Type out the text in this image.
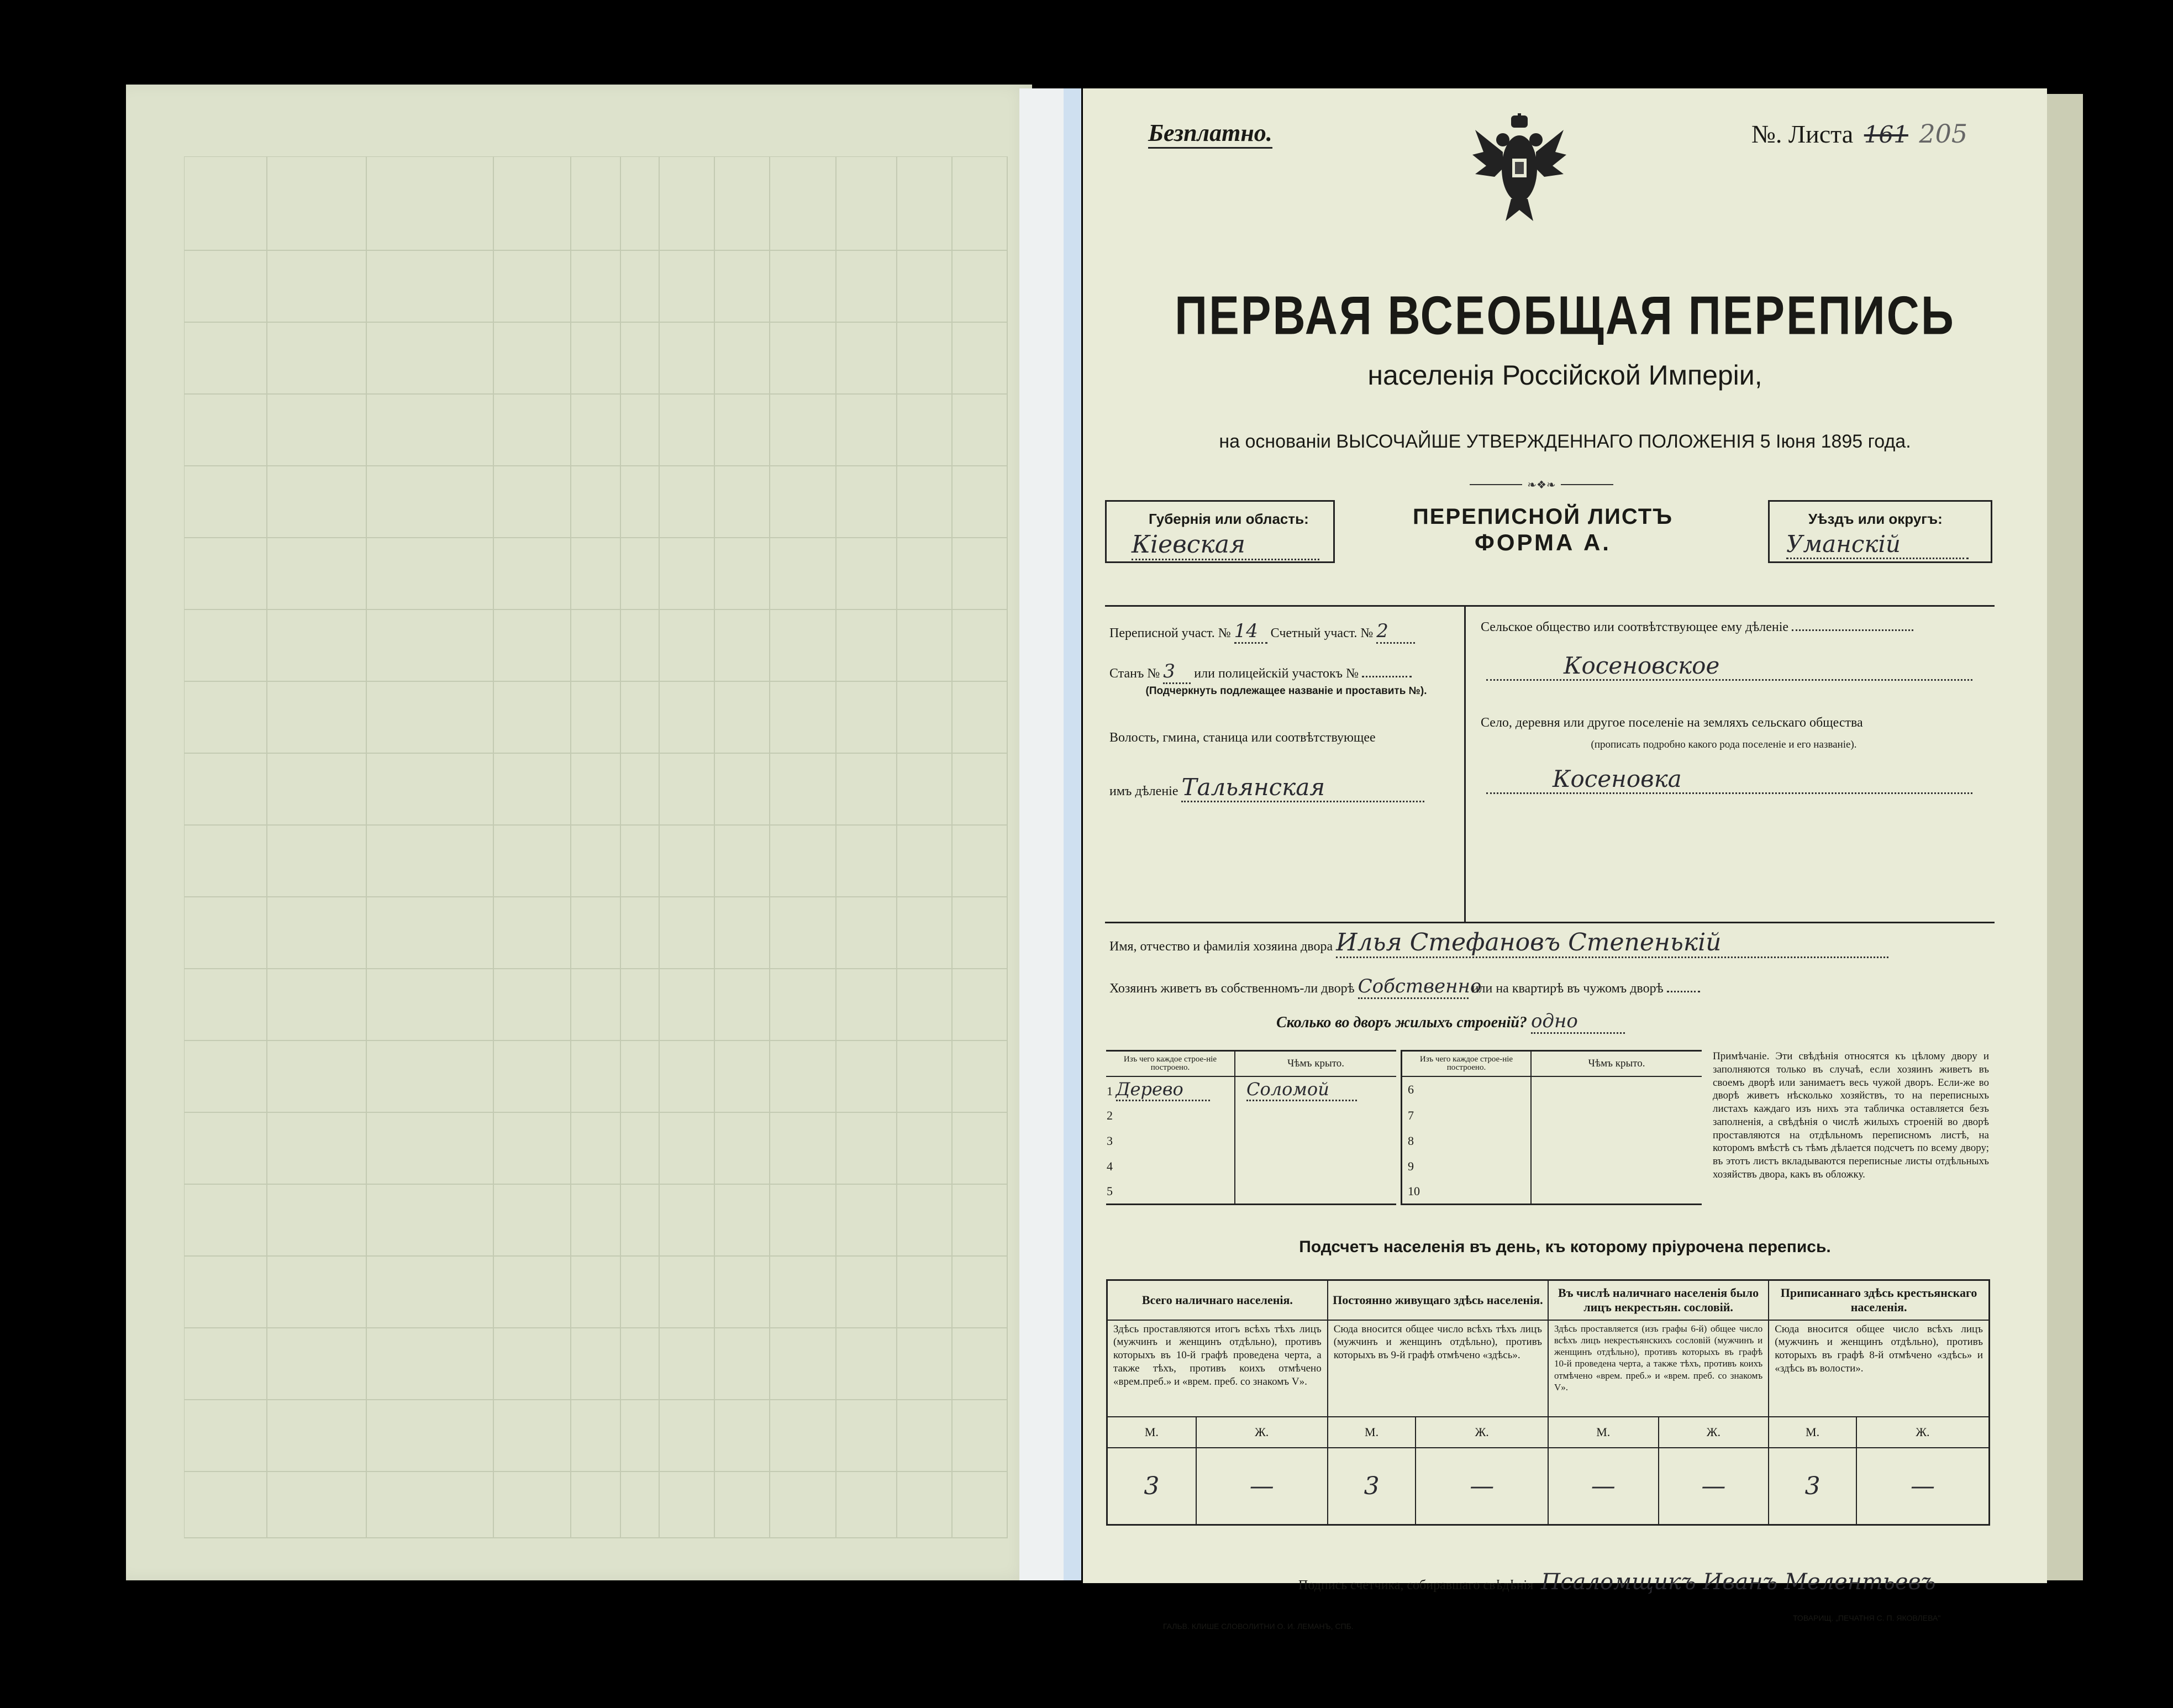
Безплатно.	№. Листа 161 205
ПЕРВАЯ ВСЕОБЩАЯ ПЕРЕПИСЬ
населенія Россійской Имперіи,
на основаніи ВЫСОЧАЙШЕ УТВЕРЖДЕННАГО ПОЛОЖЕНІЯ 5 Іюня 1895 года.
❧❖❧
Губернія или область:
Кіевская
ПЕРЕПИСНОЙ ЛИСТЪ
ФОРМА А.
Уѣздъ или округъ:
Уманскій
Переписной участ. № 14 Счетный участ. № 2
Станъ № 3 или полицейскій участокъ №
(Подчеркнуть подлежащее названіе и проставить №).
Волость, гмина, станица или соотвѣтствующее
имъ дѣленіе Тальянская
Сельское общество или соотвѣтствующее ему дѣленіе
Косеновское
Село, деревня или другое поселеніе на земляхъ сельскаго общества
(прописать подробно какого рода поселеніе и его названіе).
Косеновка
Имя, отчество и фамилія хозяина двора Илья Стефановъ Степенькій
Хозяинъ живетъ въ собственномъ-ли дворѣ Собственно или на квартирѣ въ чужомъ дворѣ
Сколько во дворъ жилыхъ строеній? одно
Изъ чего каждое строе-ніе построено.	Чѣмъ крыто.
1 Дерево	Соломой
2	
3	
4	
5	
Изъ чего каждое строе-ніе построено.	Чѣмъ крыто.
6	
7	
8	
9	
10	
Примѣчаніе. Эти свѣдѣнія относятся къ цѣлому двору и заполняются только въ случаѣ, если хозяинъ живетъ въ своемъ дворѣ или занимаетъ весь чужой дворъ. Если-же во дворѣ живетъ нѣсколько хозяйствъ, то на переписныхъ листахъ каждаго изъ нихъ эта табличка оставляется безъ заполненія, а свѣдѣнія о числѣ жилыхъ строеній во дворѣ проставляются на отдѣльномъ переписномъ листѣ, на которомъ вмѣстѣ съ тѣмъ дѣлается подсчетъ по всему двору; въ этотъ листъ вкладываются переписные листы отдѣльныхъ хозяйствъ двора, какъ въ обложку.
Подсчетъ населенія въ день, къ которому пріурочена перепись.
Всего наличнаго населенія.		Постоянно живущаго здѣсь населенія.		Въ числѣ наличнаго населенія было лицъ некрестьян. сословій.		Приписаннаго здѣсь крестьянскаго населенія.	
Здѣсь проставляются итогъ всѣхъ тѣхъ лицъ (мужчинъ и женщинъ отдѣльно), противъ которыхъ въ 10-й графѣ проведена черта, а также тѣхъ, противъ коихъ отмѣчено «врем.преб.» и «врем. преб. со знакомъ V».		Сюда вносится общее число всѣхъ тѣхъ лицъ (мужчинъ и женщинъ отдѣльно), противъ которыхъ въ 9-й графѣ отмѣчено «здѣсь».		Здѣсь проставляется (изъ графы 6-й) общее число всѣхъ лицъ некрестьянскихъ сословій (мужчинъ и женщинъ отдѣльно), противъ которыхъ въ графѣ 10-й проведена черта, а также тѣхъ, противъ коихъ отмѣчено «врем. преб.» и «врем. преб. со знакомъ V».		Сюда вносится общее число всѣхъ лицъ (мужчинъ и женщинъ отдѣльно), противъ которыхъ въ графѣ 8-й отмѣчено «здѣсь» и «здѣсь въ волости».	
М.	Ж.	М.	Ж.	М.	Ж.	М.	Ж.
3	—	3	—	—	—	3	—
Подпись счетчика, собиравшаго свѣдѣнія Псаломщикъ Иванъ Мелентьевъ
ГАЛЬВ. КЛИШЕ СЛОВОЛИТНИ О. И. ЛЕМАНЪ, СПБ.
ТОВАРИЩ. „ПЕЧАТНЯ С. П. ЯКОВЛЕВА"
